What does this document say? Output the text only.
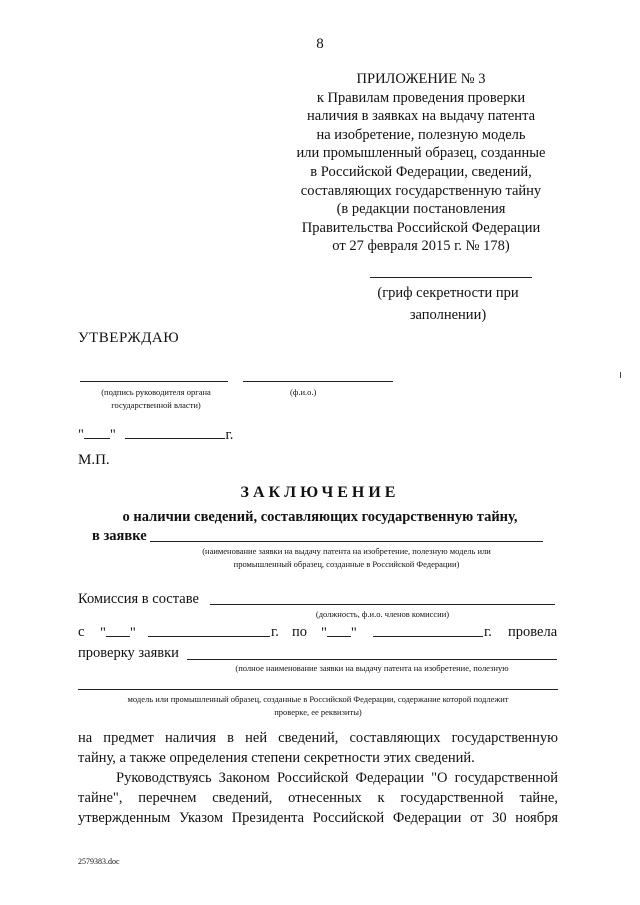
8
ПРИЛОЖЕНИЕ № 3
к Правилам проведения проверки
наличия в заявках на выдачу патента
на изобретение, полезную модель
или промышленный образец, созданные
в Российской Федерации, сведений,
составляющих государственную тайну
(в редакции постановления
Правительства Российской Федерации
от 27 февраля 2015 г. № 178)
(гриф секретности при
заполнении)
УТВЕРЖДАЮ
(подпись руководителя органа
государственной власти)
(ф.и.о.)
" "	г.
М.П.
ЗАКЛЮЧЕНИЕ
о наличии сведений, составляющих государственную тайну,
в заявке
(наименование заявки на выдачу патента на изобретение, полезную модель или
промышленный образец, созданные в Российской Федерации)
Комиссия в составе
(должность, ф.и.о. членов комиссии)
с " "	г. по " "	г. провела
проверку заявки
(полное наименование заявки на выдачу патента на изобретение, полезную
модель или промышленный образец, созданные в Российской Федерации, содержание которой подлежит
проверке, ее реквизиты)
на предмет наличия в ней сведений, составляющих государственную
тайну, а также определения степени секретности этих сведений.
Руководствуясь Законом Российской Федерации "О государственной
тайне", перечнем сведений, отнесенных к государственной тайне,
утвержденным Указом Президента Российской Федерации от 30 ноября
2579383.doc
